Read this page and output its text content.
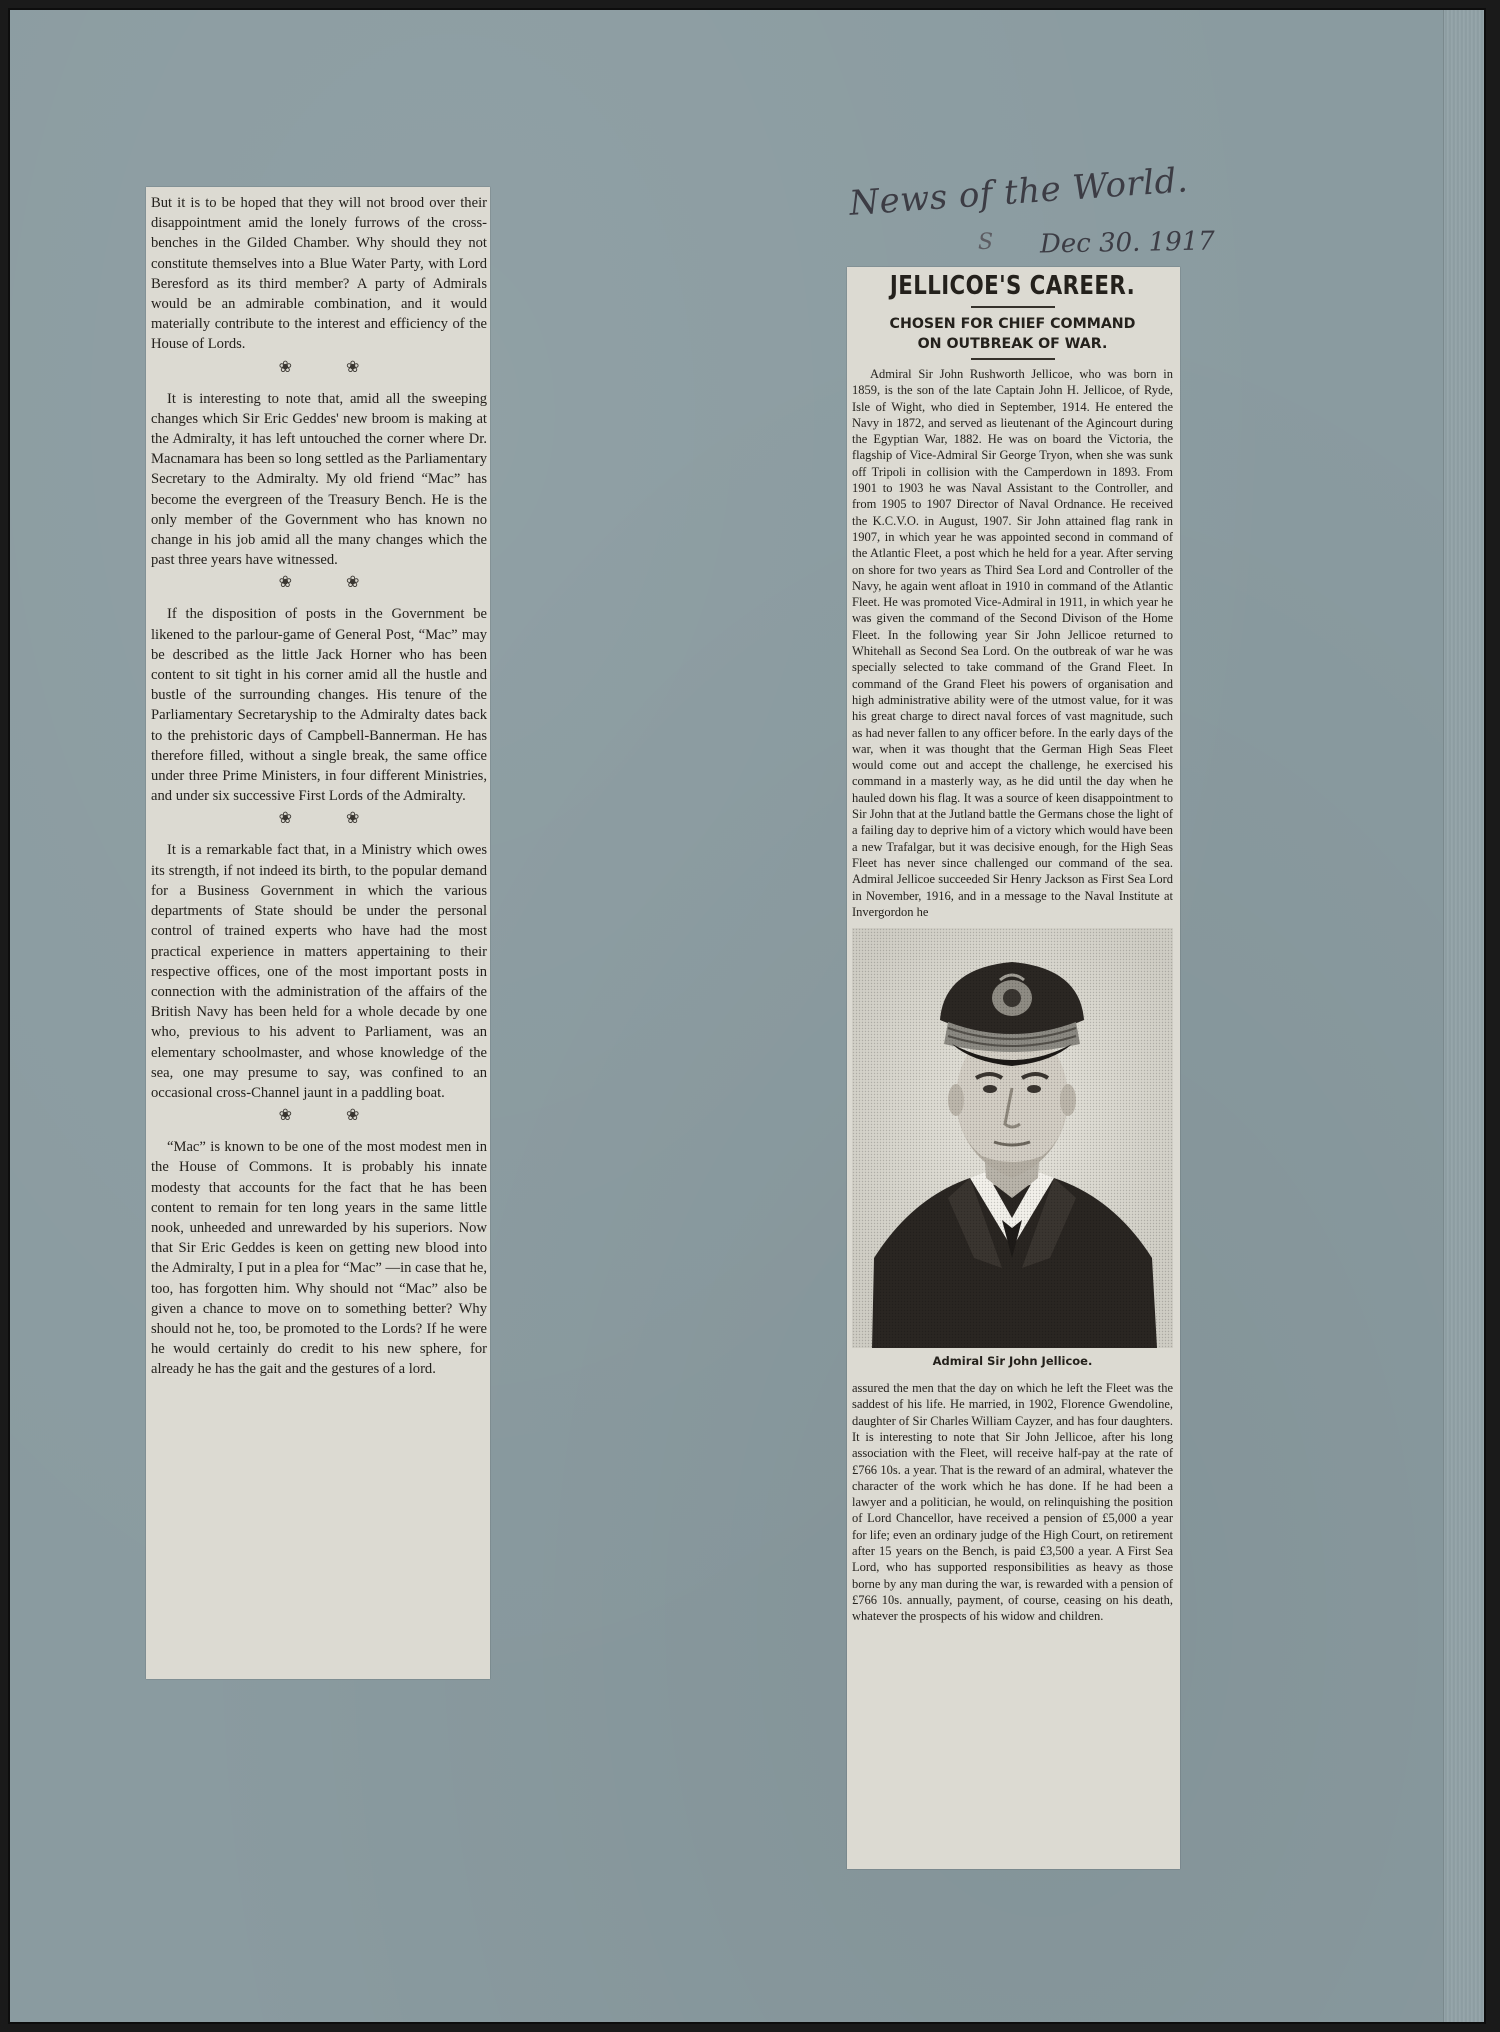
But it is to be hoped that they will not brood over their disappointment amid the lonely furrows of the cross-benches in the Gilded Chamber. Why should they not constitute themselves into a Blue Water Party, with Lord Beresford as its third member? A party of Admirals would be an admirable combination, and it would materially contribute to the interest and efficiency of the House of Lords.

❀	❀

It is interesting to note that, amid all the sweeping changes which Sir Eric Geddes' new broom is making at the Admiralty, it has left untouched the corner where Dr. Macnamara has been so long settled as the Parliamentary Secretary to the Admiralty. My old friend “Mac” has become the evergreen of the Treasury Bench. He is the only member of the Government who has known no change in his job amid all the many changes which the past three years have witnessed.

❀	❀

If the disposition of posts in the Government be likened to the parlour-game of General Post, “Mac” may be described as the little Jack Horner who has been content to sit tight in his corner amid all the hustle and bustle of the surrounding changes. His tenure of the Parliamentary Secretaryship to the Admiralty dates back to the prehistoric days of Campbell-Bannerman. He has therefore filled, without a single break, the same office under three Prime Ministers, in four different Ministries, and under six successive First Lords of the Admiralty.

❀	❀

It is a remarkable fact that, in a Ministry which owes its strength, if not indeed its birth, to the popular demand for a Business Government in which the various departments of State should be under the personal control of trained experts who have had the most practical experience in matters appertaining to their respective offices, one of the most important posts in connection with the administration of the affairs of the British Navy has been held for a whole decade by one who, previous to his advent to Parliament, was an elementary schoolmaster, and whose knowledge of the sea, one may presume to say, was confined to an occasional cross-Channel jaunt in a paddling boat.

❀	❀

“Mac” is known to be one of the most modest men in the House of Commons. It is probably his innate modesty that accounts for the fact that he has been content to remain for ten long years in the same little nook, unheeded and unrewarded by his superiors. Now that Sir Eric Geddes is keen on getting new blood into the Admiralty, I put in a plea for “Mac” —in case that he, too, has forgotten him. Why should not “Mac” also be given a chance to move on to something better? Why should not he, too, be promoted to the Lords? If he were he would certainly do credit to his new sphere, for already he has the gait and the gestures of a lord.

News of the World.
S Dec 30. 1917
JELLICOE'S CAREER.
CHOSEN FOR CHIEF COMMAND
ON OUTBREAK OF WAR.

Admiral Sir John Rushworth Jellicoe, who was born in 1859, is the son of the late Captain John H. Jellicoe, of Ryde, Isle of Wight, who died in September, 1914. He entered the Navy in 1872, and served as lieutenant of the Agincourt during the Egyptian War, 1882. He was on board the Victoria, the flagship of Vice-Admiral Sir George Tryon, when she was sunk off Tripoli in collision with the Camperdown in 1893. From 1901 to 1903 he was Naval Assistant to the Controller, and from 1905 to 1907 Director of Naval Ordnance. He received the K.C.V.O. in August, 1907. Sir John attained flag rank in 1907, in which year he was appointed second in command of the Atlantic Fleet, a post which he held for a year. After serving on shore for two years as Third Sea Lord and Controller of the Navy, he again went afloat in 1910 in command of the Atlantic Fleet. He was promoted Vice-Admiral in 1911, in which year he was given the command of the Second Divison of the Home Fleet. In the following year Sir John Jellicoe returned to Whitehall as Second Sea Lord. On the outbreak of war he was specially selected to take command of the Grand Fleet. In command of the Grand Fleet his powers of organisation and high administrative ability were of the utmost value, for it was his great charge to direct naval forces of vast magnitude, such as had never fallen to any officer before. In the early days of the war, when it was thought that the German High Seas Fleet would come out and accept the challenge, he exercised his command in a masterly way, as he did until the day when he hauled down his flag. It was a source of keen disappointment to Sir John that at the Jutland battle the Germans chose the light of a failing day to deprive him of a victory which would have been a new Trafalgar, but it was decisive enough, for the High Seas Fleet has never since challenged our command of the sea. Admiral Jellicoe succeeded Sir Henry Jackson as First Sea Lord in November, 1916, and in a message to the Naval Institute at Invergordon he

Admiral Sir John Jellicoe.

assured the men that the day on which he left the Fleet was the saddest of his life. He married, in 1902, Florence Gwendoline, daughter of Sir Charles William Cayzer, and has four daughters. It is interesting to note that Sir John Jellicoe, after his long association with the Fleet, will receive half-pay at the rate of £766 10s. a year. That is the reward of an admiral, whatever the character of the work which he has done. If he had been a lawyer and a politician, he would, on relinquishing the position of Lord Chancellor, have received a pension of £5,000 a year for life; even an ordinary judge of the High Court, on retirement after 15 years on the Bench, is paid £3,500 a year. A First Sea Lord, who has supported responsibilities as heavy as those borne by any man during the war, is rewarded with a pension of £766 10s. annually, payment, of course, ceasing on his death, whatever the prospects of his widow and children.
